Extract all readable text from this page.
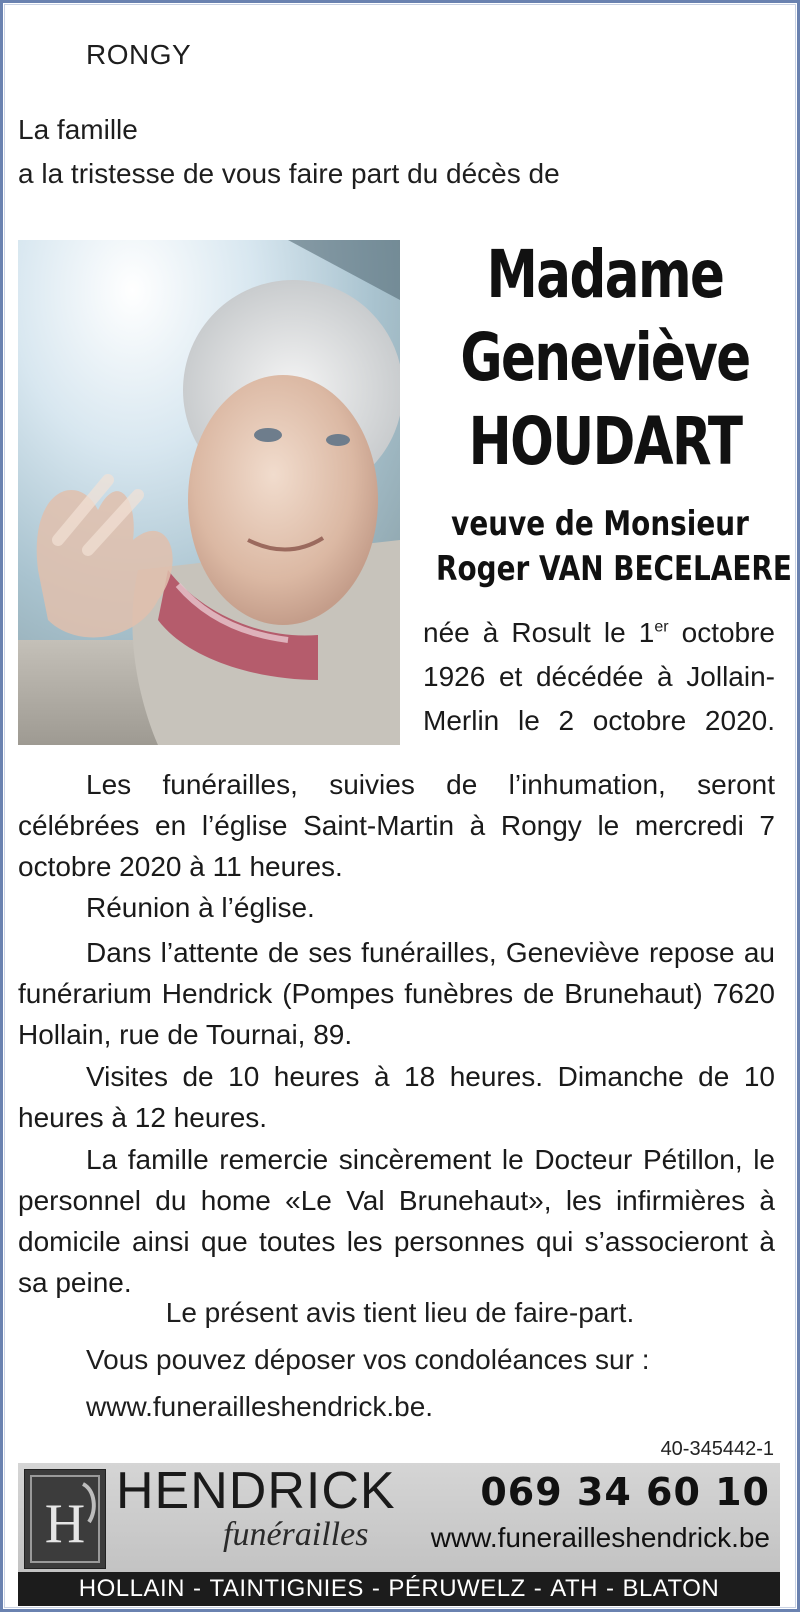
RONGY

La famille

a la tristesse de vous faire part du décès de

Madame
Geneviève
HOUDART
veuve de Monsieur
Roger VAN BECELAERE
née à Rosult le 1er octobre 1926 et décédée à Jollain-Merlin le 2 octobre 2020.

Les funérailles, suivies de l’inhumation, seront célébrées en l’église Saint-Martin à Rongy le mercredi 7 octobre 2020 à 11 heures.

Réunion à l’église.

Dans l’attente de ses funérailles, Geneviève repose au funérarium Hendrick (Pompes funèbres de Brunehaut) 7620 Hollain, rue de Tournai, 89.

Visites de 10 heures à 18 heures. Dimanche de 10 heures à 12 heures.

La famille remercie sincèrement le Docteur Pétillon, le personnel du home «Le Val Brunehaut», les infirmières à domicile ainsi que toutes les personnes qui s’associeront à sa peine.

Le présent avis tient lieu de faire-part.

Vous pouvez déposer vos condoléances sur :

www.funerailleshendrick.be.

40-345442-1
H
HENDRICK
funérailles
069 34 60 10
www.funerailleshendrick.be
HOLLAIN - TAINTIGNIES - PÉRUWELZ - ATH - BLATON
